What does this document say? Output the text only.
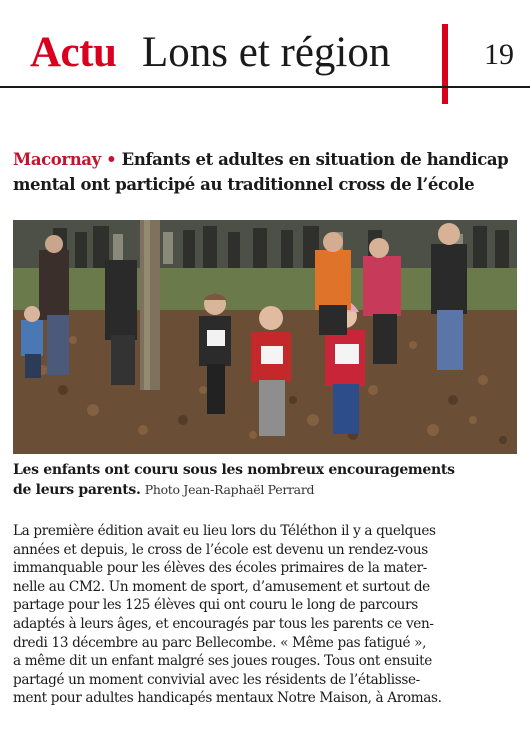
Actu Lons et région	19
Macornay • Enfants et adultes en situation de handicap
mental ont participé au traditionnel cross de l’école

Les enfants ont couru sous les nombreux encouragements
de leurs parents. Photo Jean-Raphaël Perrard

La première édition avait eu lieu lors du Téléthon il y a quelques
années et depuis, le cross de l’école est devenu un rendez-vous
immanquable pour les élèves des écoles primaires de la mater-
nelle au CM2. Un moment de sport, d’amusement et surtout de
partage pour les 125 élèves qui ont couru le long de parcours
adaptés à leurs âges, et encouragés par tous les parents ce ven-
dredi 13 décembre au parc Bellecombe. « Même pas fatigué »,
a même dit un enfant malgré ses joues rouges. Tous ont ensuite
partagé un moment convivial avec les résidents de l’établisse-
ment pour adultes handicapés mentaux Notre Maison, à Aromas.
